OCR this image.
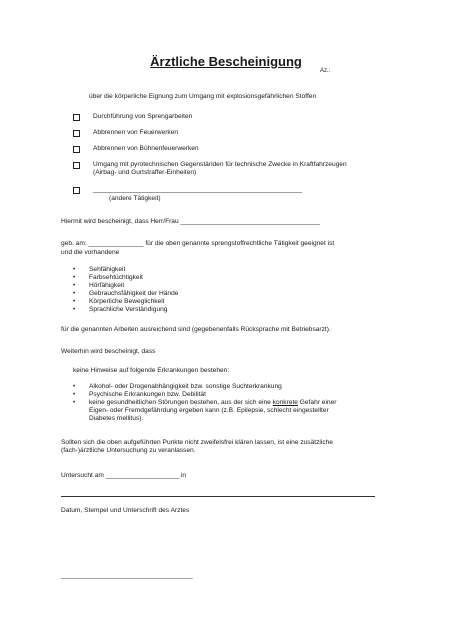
Ärztliche Bescheinigung
Az.:
über die körperliche Eignung zum Umgang mit explosionsgefährlichen Stoffen
Durchführung von Sprengarbeiten
Abbrennen von Feuerwerken
Abbrennen von Bühnenfeuerwerken
Umgang mit pyrotechnischen Gegenständen für technische Zwecke in Kraftfahrzeugen
(Airbag- und Gurtstraffer-Einheiten)
______________________________________________________________
(andere Tätigkeit)
Hiermit wird bescheinigt, dass Herr/Frau ______________________________________
geb. am: _______________ für die oben genannte sprengstoffrechtliche Tätigkeit geeignet ist
und die vorhandene
• Sehfähigkeit
• Farbsehtüchtigkeit
• Hörfähigkeit
• Gebrauchsfähigkeit der Hände
• Körperliche Beweglichkeit
• Sprachliche Verständigung
für die genannten Arbeiten ausreichend sind (gegebenenfalls Rücksprache mit Betriebsarzt).
Weiterhin wird bescheinigt, dass
keine Hinweise auf folgende Erkrankungen bestehen:
• Alkohol- oder Drogenabhängigkeit bzw. sonstige Suchterkrankung
• Psychische Erkrankungen bzw. Debilität
• keine gesundheitlichen Störungen bestehen, aus der sich eine konkrete Gefahr einer
Eigen- oder Fremdgefährdung ergeben kann (z.B. Epilepsie, schlecht eingestellter
Diabetes mellitus).
Sollten sich die oben aufgeführten Punkte nicht zweifelsfrei klären lassen, ist eine zusätzliche
(fach-)ärztliche Untersuchung zu veranlassen.
Untersucht am ____________________ in
Datum, Stempel und Unterschrift des Arztes
_______________________________________
